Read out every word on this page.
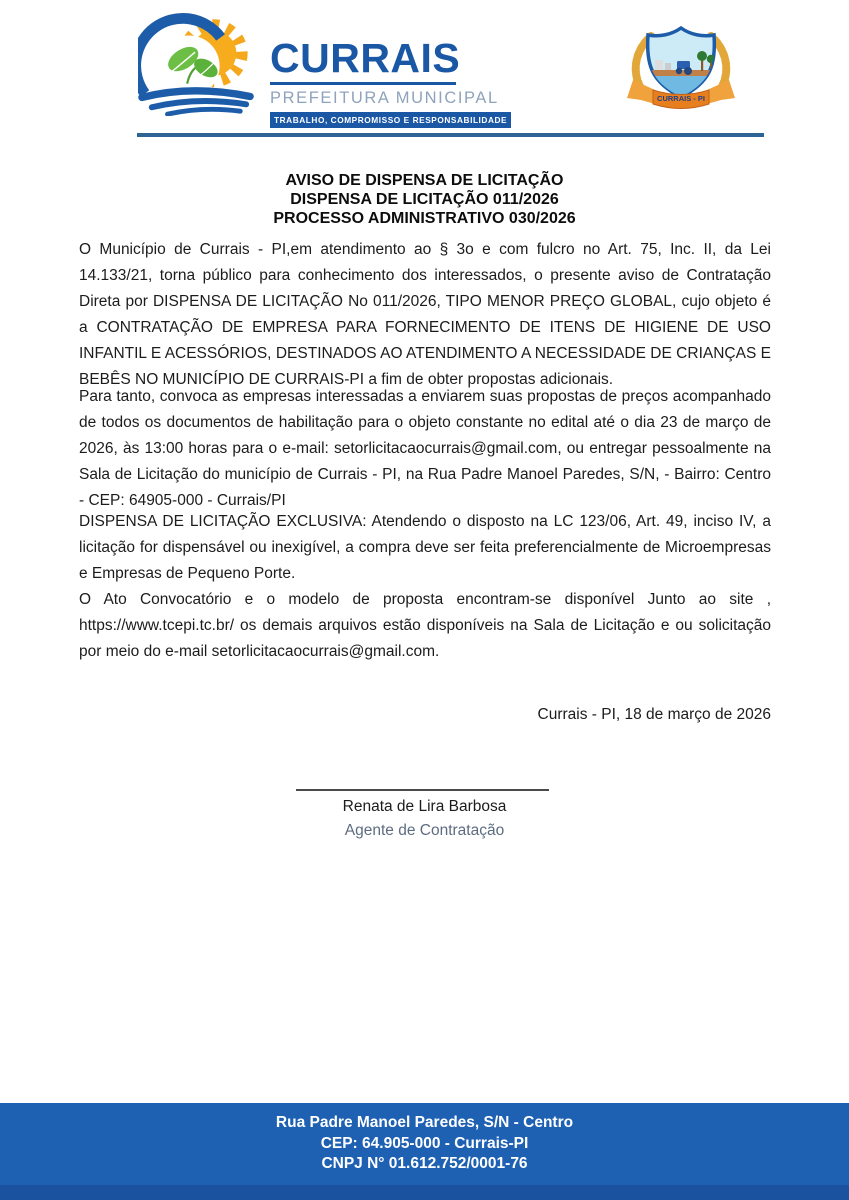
CURRAIS
PREFEITURA MUNICIPAL
TRABALHO, COMPROMISSO E RESPONSABILIDADE
CURRAIS - PI
AVISO DE DISPENSA DE LICITAÇÃO
DISPENSA DE LICITAÇÃO 011/2026
PROCESSO ADMINISTRATIVO 030/2026

O Município de Currais - PI,em atendimento ao § 3o e com fulcro no Art. 75, Inc. II, da Lei 14.133/21, torna público para conhecimento dos interessados, o presente aviso de Contratação Direta por DISPENSA DE LICITAÇÃO No 011/2026, TIPO MENOR PREÇO GLOBAL, cujo objeto é a CONTRATAÇÃO DE EMPRESA PARA FORNECIMENTO DE ITENS DE HIGIENE DE USO INFANTIL E ACESSÓRIOS, DESTINADOS AO ATENDIMENTO A NECESSIDADE DE CRIANÇAS E BEBÊS NO MUNICÍPIO DE CURRAIS-PI a fim de obter propostas adicionais.

Para tanto, convoca as empresas interessadas a enviarem suas propostas de preços acompanhado de todos os documentos de habilitação para o objeto constante no edital até o dia 23 de março de 2026, às 13:00 horas para o e-mail: setorlicitacaocurrais@gmail.com, ou entregar pessoalmente na Sala de Licitação do município de Currais - PI, na Rua Padre Manoel Paredes, S/N, - Bairro: Centro - CEP: 64905-000 - Currais/PI

DISPENSA DE LICITAÇÃO EXCLUSIVA: Atendendo o disposto na LC 123/06, Art. 49, inciso IV, a licitação for dispensável ou inexigível, a compra deve ser feita preferencialmente de Microempresas e Empresas de Pequeno Porte.

O Ato Convocatório e o modelo de proposta encontram-se disponível Junto ao site , https://www.tcepi.tc.br/ os demais arquivos estão disponíveis na Sala de Licitação e ou solicitação por meio do e-mail setorlicitacaocurrais@gmail.com.

Currais - PI, 18 de março de 2026
Renata de Lira Barbosa
Agente de Contratação
Rua Padre Manoel Paredes, S/N - Centro
CEP: 64.905-000 - Currais-PI
CNPJ N° 01.612.752/0001-76
